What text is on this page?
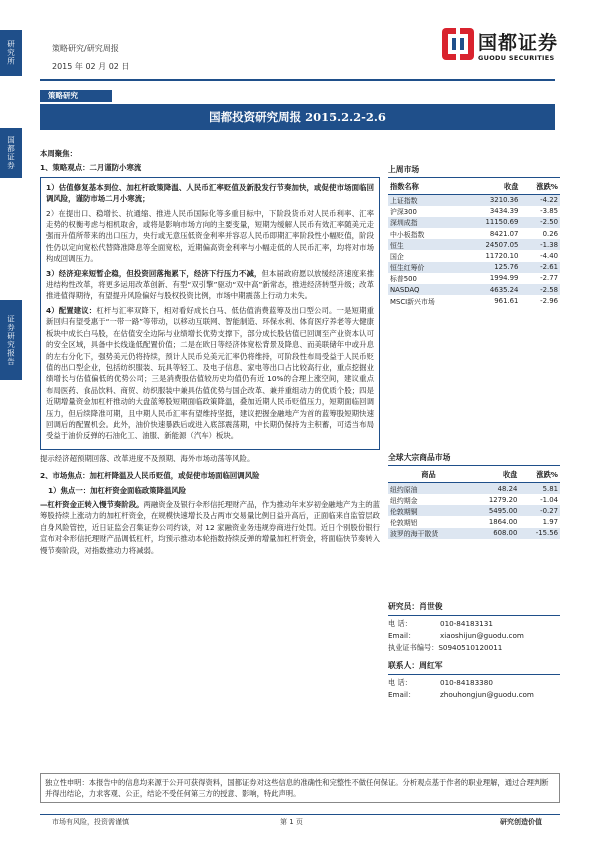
研究所
国都证券
证券研究报告
策略研究/研究周报
2015 年 02 月 02 日
国都证券
GUODU SECURITIES
策略研究
国都投资研究周报 2015.2.2-2.6

本周聚焦：

1、策略观点：二月谨防小寒流

1）估值修复基本到位、加杠杆政策降温、人民币汇率贬值及新股发行节奏加快，或促使市场面临回调风险，谨防市场二月小寒流；

2）在提出口、稳增长、抗通缩、推进人民币国际化等多重目标中，下阶段货币对人民币利率、汇率走势的权衡考虑与相机取舍，或将是影响市场方向的主要变量，短期为缓解人民币有效汇率随美元走强而升值所带来的出口压力，央行或无意压低资金利率并容忍人民币即期汇率阶段性小幅贬值，阶段性仍以定向宽松代替降准降息等全面宽松，近期偏高资金利率与小幅走低的人民币汇率，均将对市场构成回调压力。

3）经济迎来短暂企稳，但投资回落拖累下，经济下行压力不减，但本届政府愿以放缓经济速度来推进结构性改革，将更多运用改革创新、有型“双引擎”驱动“双中高”新常态，推进经济转型升级；改革推进值得期待，有望提升风险偏好与股权投资比例，市场中期震荡上行动力未失。

4）配置建议：杠杆与汇率双降下，相对看好成长白马、低估值消费蓝筹及出口型公司。一是短期重新回归有望受惠于“一带一路”等带动，以移动互联网、智能制造、环保水利、体育医疗养老等大健康板块中成长白马股，在估值安全边际与业绩增长优势支撑下，部分成长股估值已回调至产业资本认可的安全区域，具备中长线逢低配置价值；二是在欧日等经济体宽松背景及降息、而美联储年中或升息的左右分化下，强势美元仍将持续，预计人民币兑美元汇率仍将维持，可阶段性布局受益于人民币贬值的出口型企业，包括纺织服装、玩具等轻工、及电子信息、家电等出口占比较高行业，重点挖掘业绩增长与估值偏低的优势公司；三是消费股估值较历史均值仍有近 10%的合理上涨空间，建议重点布局医药、食品饮料、商贸、纺织服装中兼具估值优势与国企改革、兼并重组动力的优质个股；四是近期增量资金加杠杆推动的大盘蓝筹股短期面临政策降温，叠加近期人民币贬值压力，短期面临回调压力，但后续降准可期，且中期人民币汇率有望维持坚挺，建议把握金融地产为首的蓝筹股短期快速回调后的配置机会。此外，油价快速暴跌后或进入底部震荡期，中长期仍保持为主积蓄，可适当布局受益于油价反弹的石油化工、油服、新能源（汽车）板块。

提示经济超预期回落、改革进度不及预期、海外市场动荡等风险。

2、市场焦点：加杠杆降温及人民币贬值，或促使市场面临回调风险

1）焦点一：加杠杆资金面临政策降温风险

—杠杆资金正转入慢节奏阶段。两融资金及银行伞形信托理财产品，作为推动年末岁初金融地产为主的蓝筹股持续上涨动力的加杠杆资金，在规模快速增长及占两市交易量比例日益升高后，正面临来自监管层政自身风险管控，近日证监会召集证券公司约谈，对 12 家融资业务违规券商进行处罚。近日个别股份银行宣布对伞形信托理财产品调低杠杆，均预示推动本轮指数持续反弹的增量加杠杆资金，将面临快节奏转入慢节奏阶段，对指数推动力将减弱。

上周市场
指数名称	收盘	涨跌%
上证指数	3210.36	-4.22
沪深300	3434.39	-3.85
深圳成指	11150.69	-2.50
中小板指数	8421.07	0.26
恒生	24507.05	-1.38
国企	11720.10	-4.40
恒生红筹价	125.76	-2.61
标普500	1994.99	-2.77
NASDAQ	4635.24	-2.58
MSCI新兴市场	961.61	-2.96
全球大宗商品市场
商品	收盘	涨跌%
纽约原油	48.24	5.81
纽约期金	1279.20	-1.04
伦敦期铜	5495.00	-0.27
伦敦期铝	1864.00	1.97
波罗的海干散货	608.00	-15.56
研究员：肖世俊
电 话：	010-84183131
Email：	xiaoshijun@guodu.com
执业证书编号：S0940510120011
联系人：周红军
电 话：	010-84183380
Email：	zhouhongjun@guodu.com
独立性申明：本报告中的信息均来源于公开可获得资料，国都证券对这些信息的准确性和完整性不做任何保证。分析观点基于作者的职业理解，通过合理判断并得出结论，力求客观、公正，结论不受任何第三方的授意、影响，特此声明。
市场有风险，投资需谨慎	第 1 页	研究创造价值
